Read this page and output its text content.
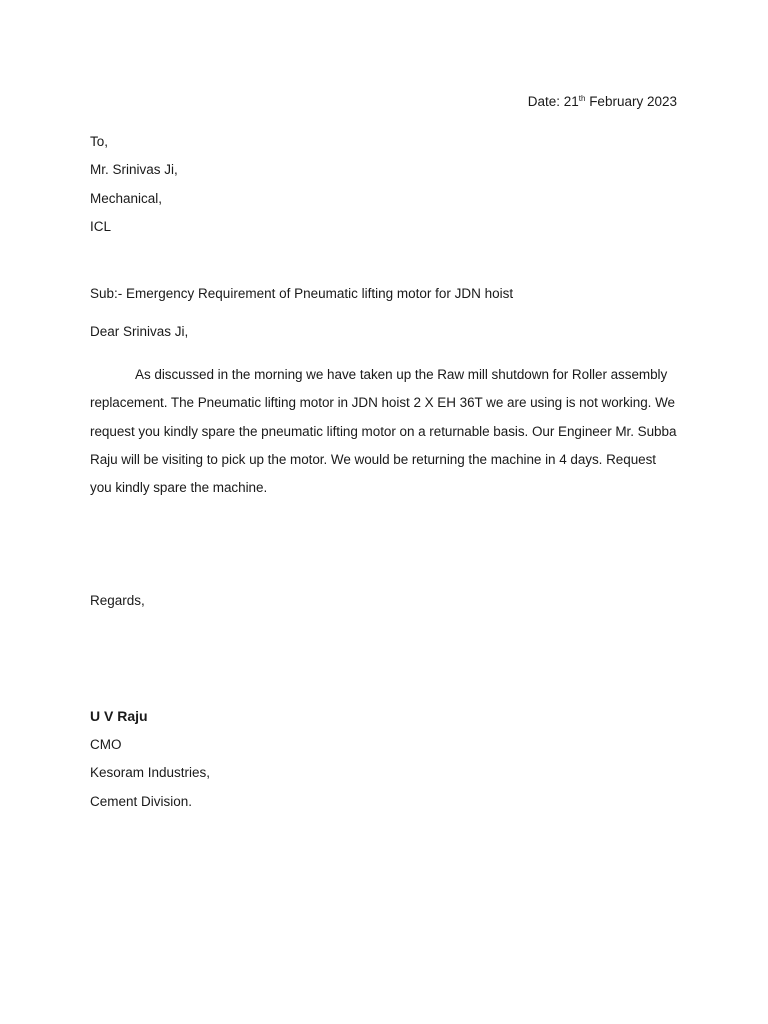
Date: 21th February 2023
To,
Mr. Srinivas Ji,
Mechanical,
ICL
Sub:- Emergency Requirement of Pneumatic lifting motor for JDN hoist
Dear Srinivas Ji,
As discussed in the morning we have taken up the Raw mill shutdown for Roller assembly replacement. The Pneumatic lifting motor in JDN hoist 2 X EH 36T we are using is not working. We request you kindly spare the pneumatic lifting motor on a returnable basis. Our Engineer Mr. Subba Raju will be visiting to pick up the motor. We would be returning the machine in 4 days. Request you kindly spare the machine.
Regards,
U V Raju
CMO
Kesoram Industries,
Cement Division.
